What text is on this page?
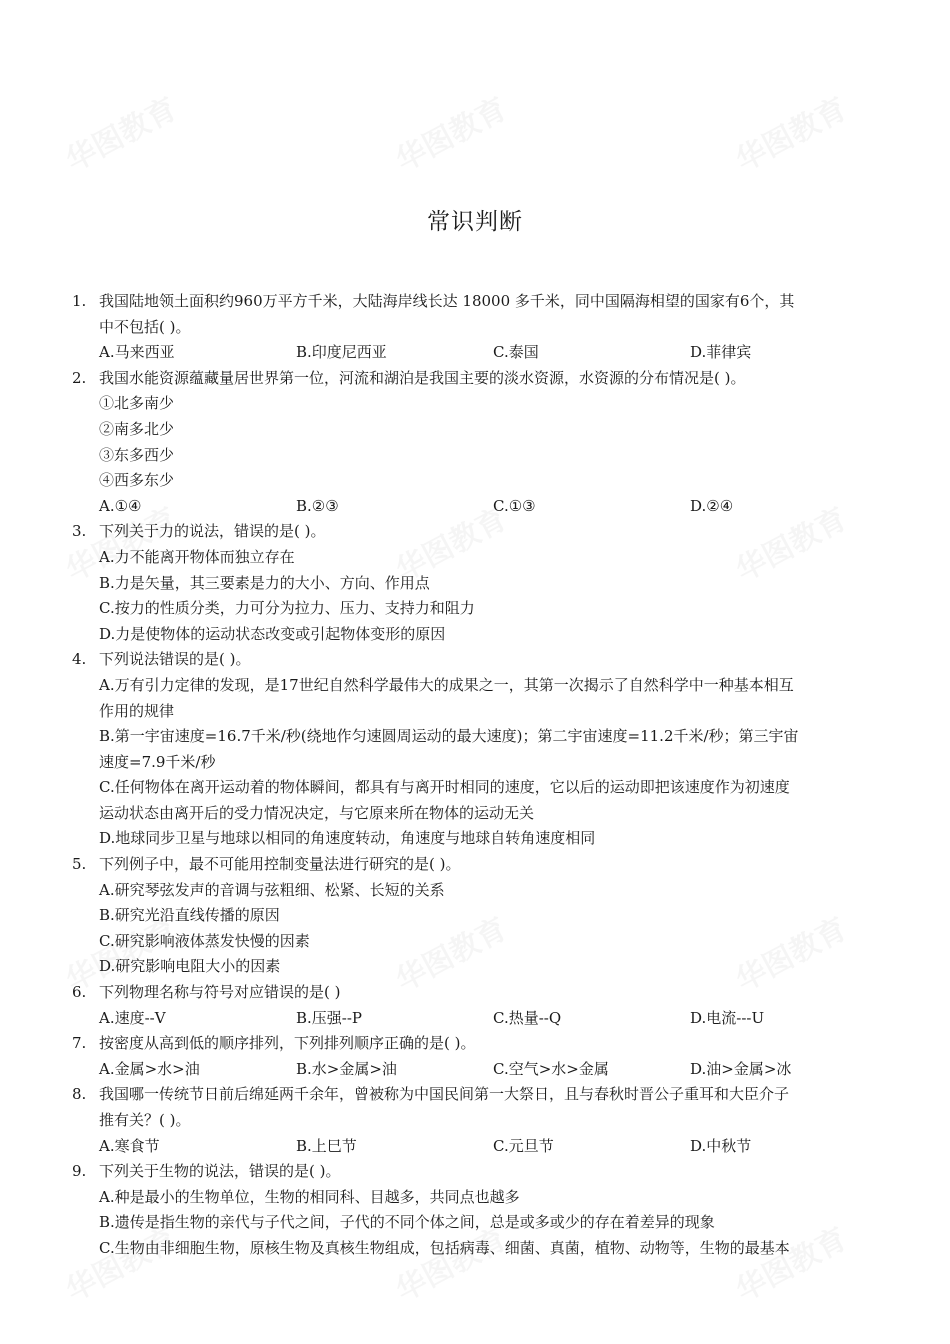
常识判断
1. 我国陆地领土面积约960万平方千米，大陆海岸线长达 18000 多千米，同中国隔海相望的国家有6个，其
中不包括( )。
A.马来西亚	B.印度尼西亚	C.泰国	D.菲律宾
2. 我国水能资源蕴藏量居世界第一位，河流和湖泊是我国主要的淡水资源，水资源的分布情况是( )。
①北多南少
②南多北少
③东多西少
④西多东少
A.①④	B.②③	C.①③	D.②④
3. 下列关于力的说法，错误的是( )。
A.力不能离开物体而独立存在
B.力是矢量，其三要素是力的大小、方向、作用点
C.按力的性质分类，力可分为拉力、压力、支持力和阻力
D.力是使物体的运动状态改变或引起物体变形的原因
4. 下列说法错误的是( )。
A.万有引力定律的发现，是17世纪自然科学最伟大的成果之一，其第一次揭示了自然科学中一种基本相互
作用的规律
B.第一宇宙速度=16.7千米/秒(绕地作匀速圆周运动的最大速度)；第二宇宙速度=11.2千米/秒；第三宇宙
速度=7.9千米/秒
C.任何物体在离开运动着的物体瞬间，都具有与离开时相同的速度，它以后的运动即把该速度作为初速度
运动状态由离开后的受力情况决定，与它原来所在物体的运动无关
D.地球同步卫星与地球以相同的角速度转动，角速度与地球自转角速度相同
5. 下列例子中，最不可能用控制变量法进行研究的是( )。
A.研究琴弦发声的音调与弦粗细、松紧、长短的关系
B.研究光沿直线传播的原因
C.研究影响液体蒸发快慢的因素
D.研究影响电阻大小的因素
6. 下列物理名称与符号对应错误的是( )
A.速度--V	B.压强--P	C.热量--Q	D.电流---U
7. 按密度从高到低的顺序排列，下列排列顺序正确的是( )。
A.金属>水>油	B.水>金属>油	C.空气>水>金属	D.油>金属>冰
8. 我国哪一传统节日前后绵延两千余年，曾被称为中国民间第一大祭日，且与春秋时晋公子重耳和大臣介子
推有关？( )。
A.寒食节	B.上巳节	C.元旦节	D.中秋节
9. 下列关于生物的说法，错误的是( )。
A.种是最小的生物单位，生物的相同科、目越多，共同点也越多
B.遗传是指生物的亲代与子代之间，子代的不同个体之间，总是或多或少的存在着差异的现象
C.生物由非细胞生物，原核生物及真核生物组成，包括病毒、细菌、真菌，植物、动物等，生物的最基本
